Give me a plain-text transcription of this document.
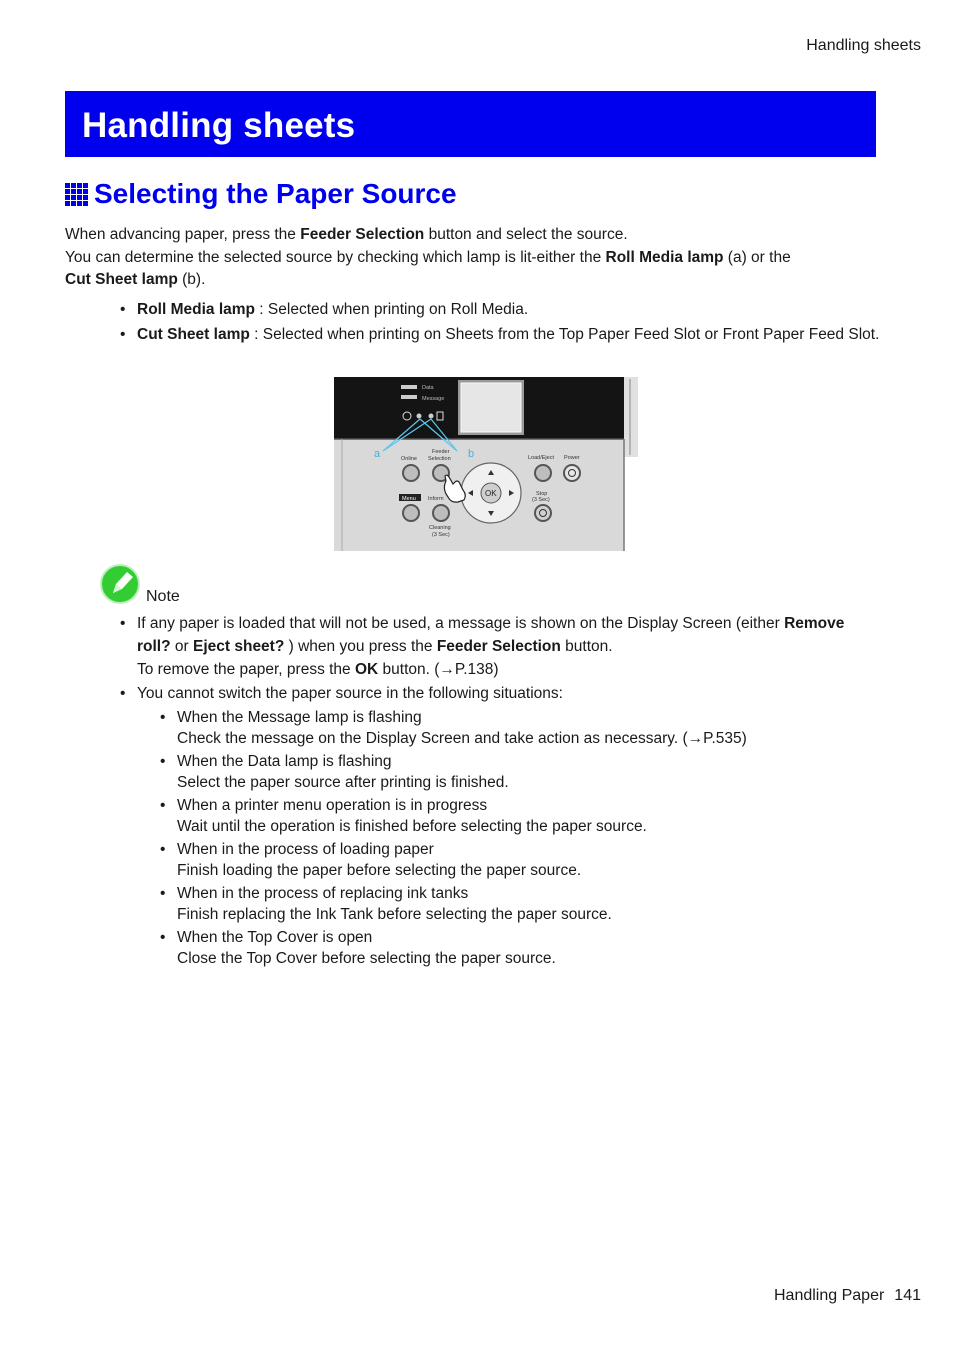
Handling sheets
Handling sheets
Selecting the Paper Source

When advancing paper, press the Feeder Selection button and select the source.

You can determine the selected source by checking which lamp is lit-either the Roll Media lamp (a) or the
Cut Sheet lamp (b).

• Roll Media lamp : Selected when printing on Roll Media.
• Cut Sheet lamp : Selected when printing on Sheets from the Top Paper Feed Slot or Front Paper Feed Slot.
Data
Message
a	b
Online
Feeder
Selection	Load/Eject Power
OK
Menu Inform
Stop
(3 Sec)
Cleaning
(3 Sec)
Note
• If any paper is loaded that will not be used, a message is shown on the Display Screen (either Remove roll? or Eject sheet? ) when you press the Feeder Selection button.
To remove the paper, press the OK button. (→P.138)
• You cannot switch the paper source in the following situations:
• When the Message lamp is flashing
Check the message on the Display Screen and take action as necessary. (→P.535)
• When the Data lamp is flashing
Select the paper source after printing is finished.
• When a printer menu operation is in progress
Wait until the operation is finished before selecting the paper source.
• When in the process of loading paper
Finish loading the paper before selecting the paper source.
• When in the process of replacing ink tanks
Finish replacing the Ink Tank before selecting the paper source.
• When the Top Cover is open
Close the Top Cover before selecting the paper source.
Handling Paper 141
